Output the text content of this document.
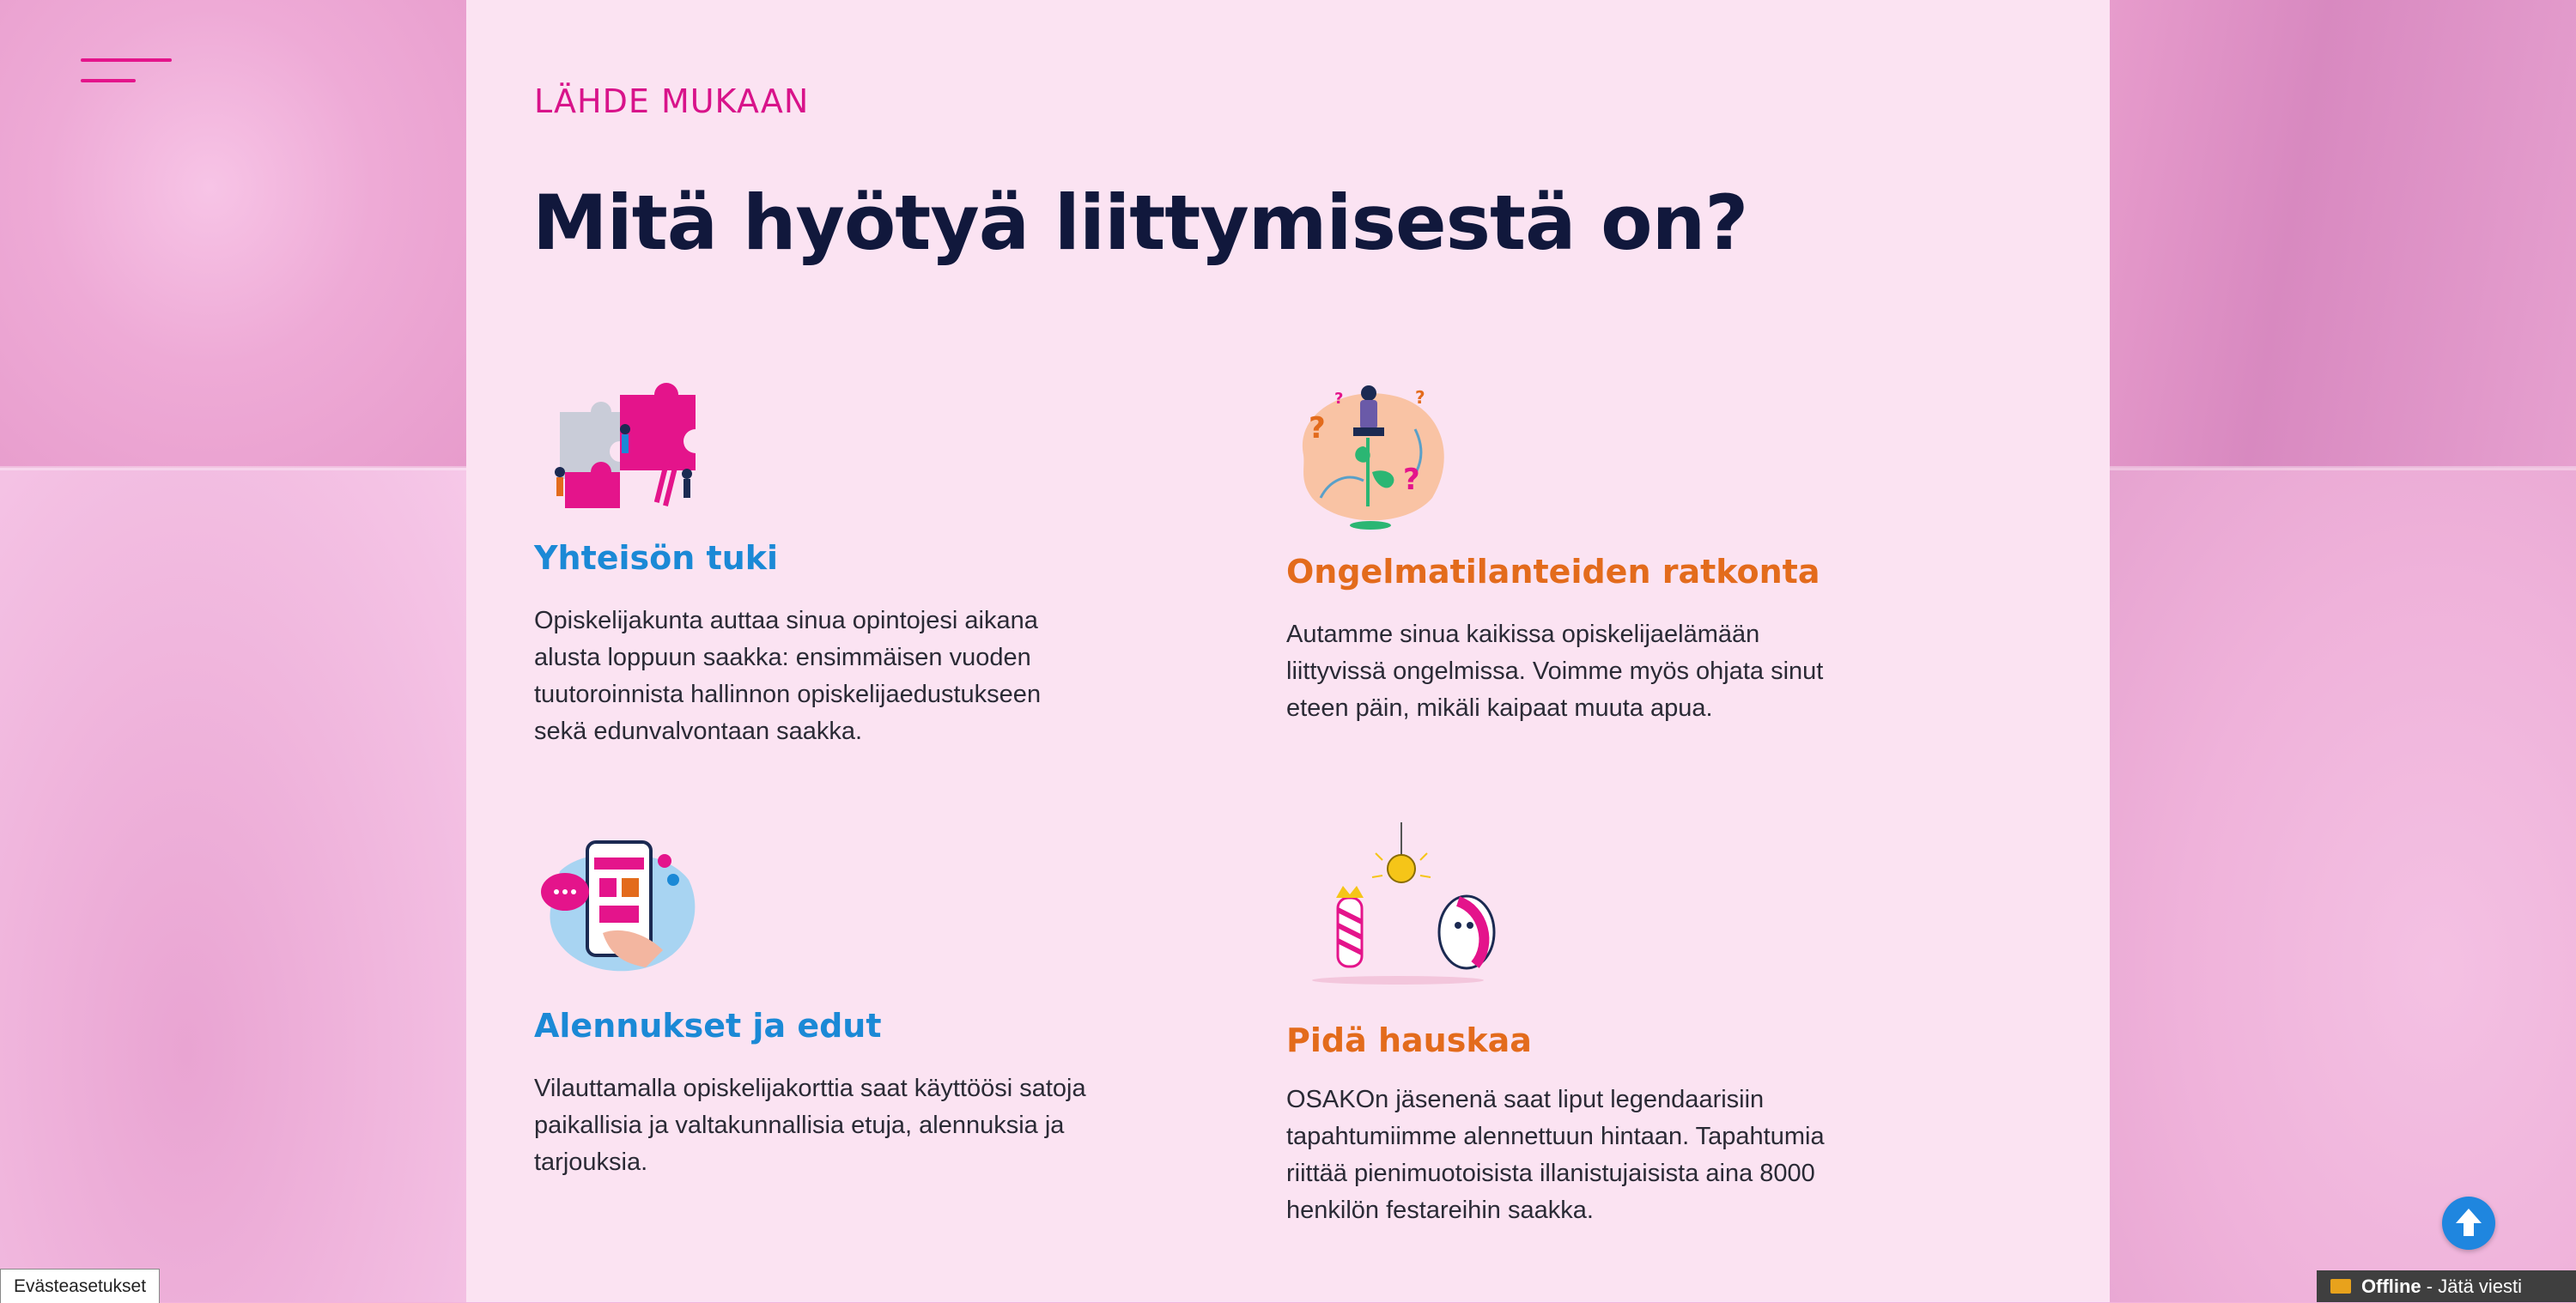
LÄHDE MUKAAN
Mitä hyötyä liittymisestä on?
Yhteisön tuki

Opiskelijakunta auttaa sinua opintojesi aikana alusta loppuun saakka: ensimmäisen vuoden tuutoroinnista hallinnon opiskelijaedustukseen sekä edunvalvontaan saakka.

?
?
?
?
Ongelmatilanteiden ratkonta

Autamme sinua kaikissa opiskelijaelämään liittyvissä ongelmissa. Voimme myös ohjata sinut eteen päin, mikäli kaipaat muuta apua.

Alennukset ja edut

Vilauttamalla opiskelijakorttia saat käyttöösi satoja paikallisia ja valtakunnallisia etuja, alennuksia ja tarjouksia.

Pidä hauskaa

OSAKOn jäsenenä saat liput legendaarisiin tapahtumiimme alennettuun hintaan. Tapahtumia riittää pienimuotoisista illanistujaisista aina 8000 henkilön festareihin saakka.

Evästeasetukset	Offline - Jätä viesti
